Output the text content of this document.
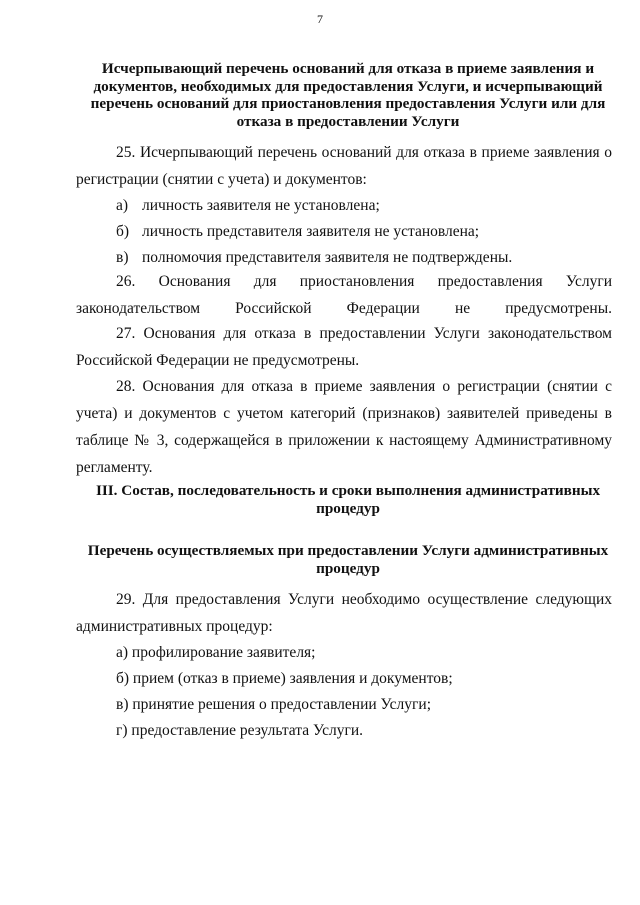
7
Исчерпывающий перечень оснований для отказа в приеме заявления и документов, необходимых для предоставления Услуги, и исчерпывающий перечень оснований для приостановления предоставления Услуги или для отказа в предоставлении Услуги
25. Исчерпывающий перечень оснований для отказа в приеме заявления о регистрации (снятии с учета) и документов:
а) личность заявителя не установлена;
б) личность представителя заявителя не установлена;
в) полномочия представителя заявителя не подтверждены.
26. Основания для приостановления предоставления Услуги законодательством Российской Федерации не предусмотрены.
27. Основания для отказа в предоставлении Услуги законодательством Российской Федерации не предусмотрены.
28. Основания для отказа в приеме заявления о регистрации (снятии с учета) и документов с учетом категорий (признаков) заявителей приведены в таблице № 3, содержащейся в приложении к настоящему Административному регламенту.
III. Состав, последовательность и сроки выполнения административных процедур
Перечень осуществляемых при предоставлении Услуги административных процедур
29. Для предоставления Услуги необходимо осуществление следующих административных процедур:
а) профилирование заявителя;
б) прием (отказ в приеме) заявления и документов;
в) принятие решения о предоставлении Услуги;
г) предоставление результата Услуги.
